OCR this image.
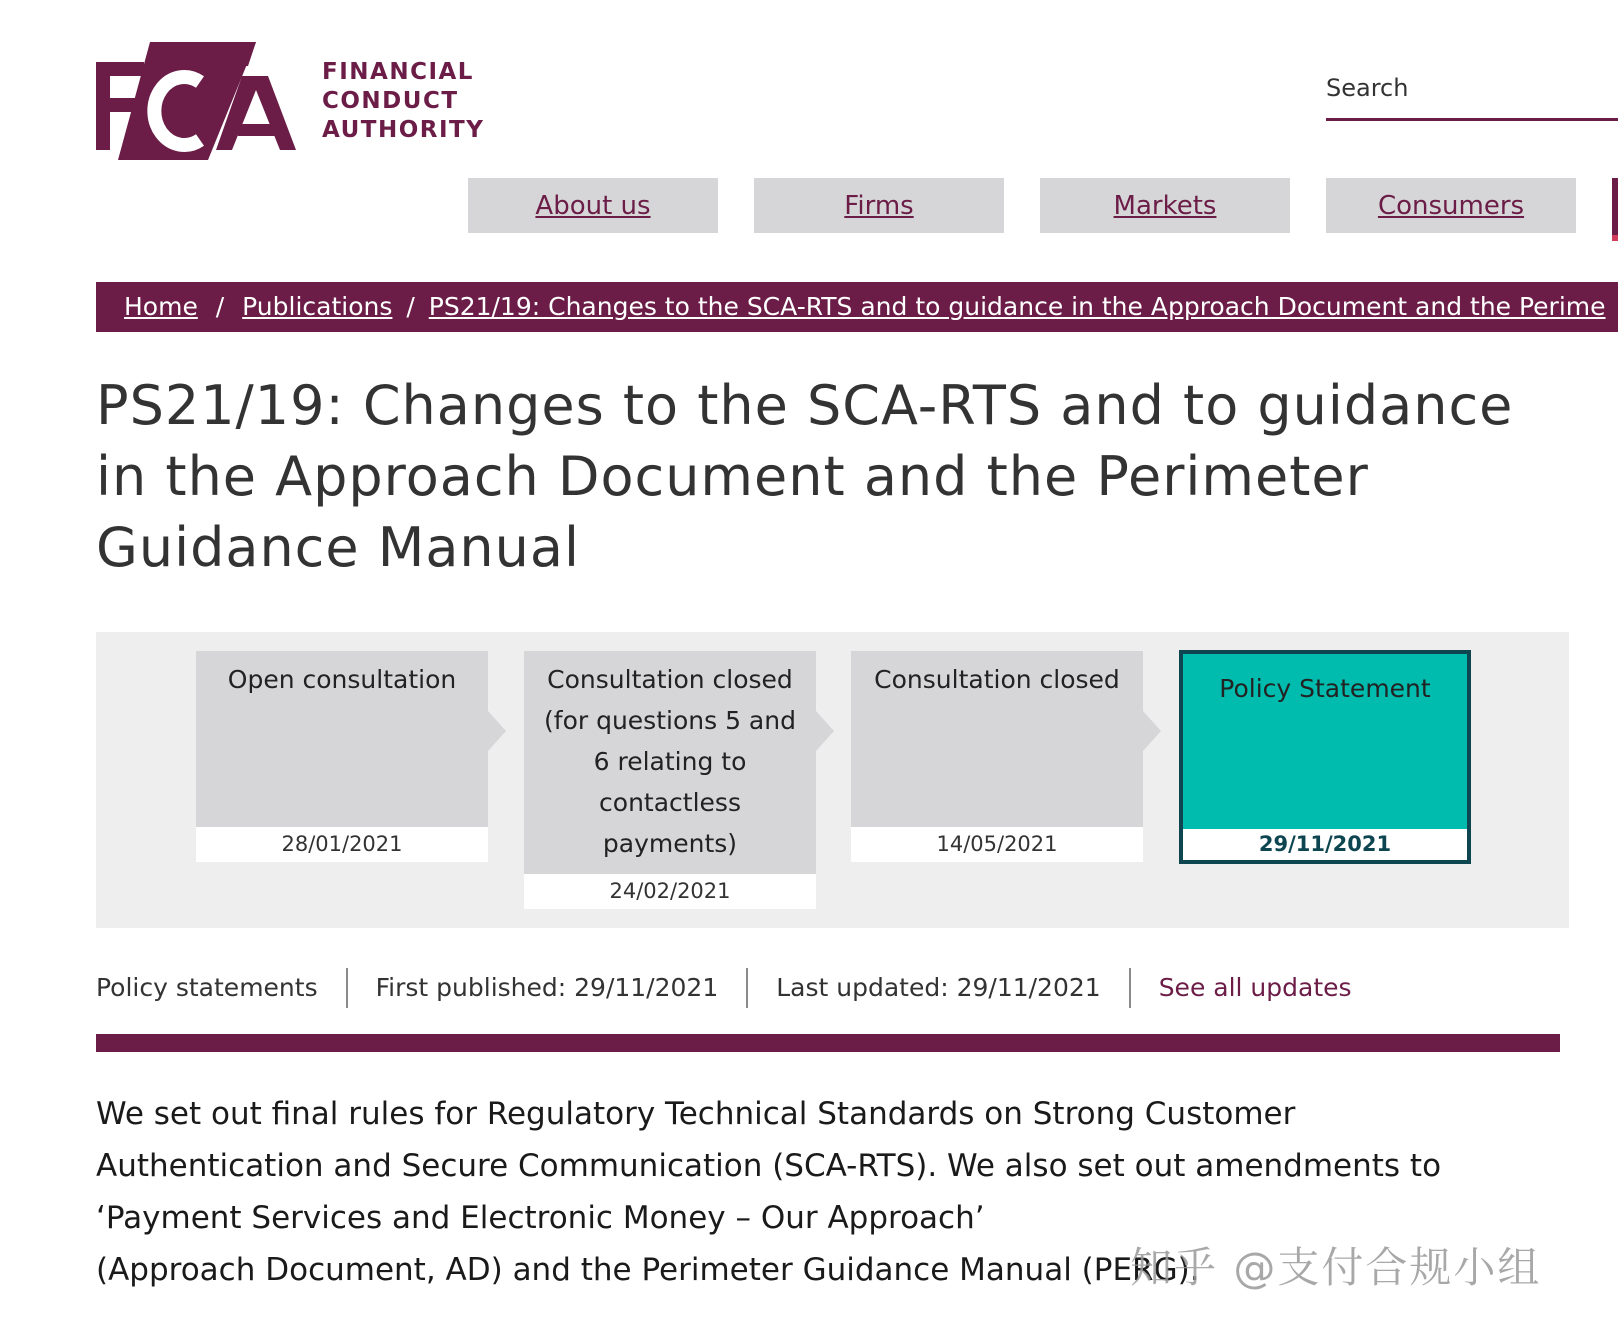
FINANCIAL
CONDUCT
AUTHORITY
Search
About us	Firms	Markets	Consumers
Home / Publications / PS21/19: Changes to the SCA-RTS and to guidance in the Approach Document and the Perime
PS21/19: Changes to the SCA-RTS and to guidance in the Approach Document and the Perimeter Guidance Manual
Open consultation
28/01/2021
Consultation closed (for questions 5 and 6 relating to contactless payments)
24/02/2021
Consultation closed
14/05/2021
Policy Statement
29/11/2021
Policy statements	First published: 29/11/2021	Last updated: 29/11/2021	See all updates

We set out final rules for Regulatory Technical Standards on Strong Customer
Authentication and Secure Communication (SCA-RTS). We also set out amendments to
‘Payment Services and Electronic Money – Our Approach’
(Approach Document, AD) and the Perimeter Guidance Manual (PERG).

知乎 @支付合规小组
